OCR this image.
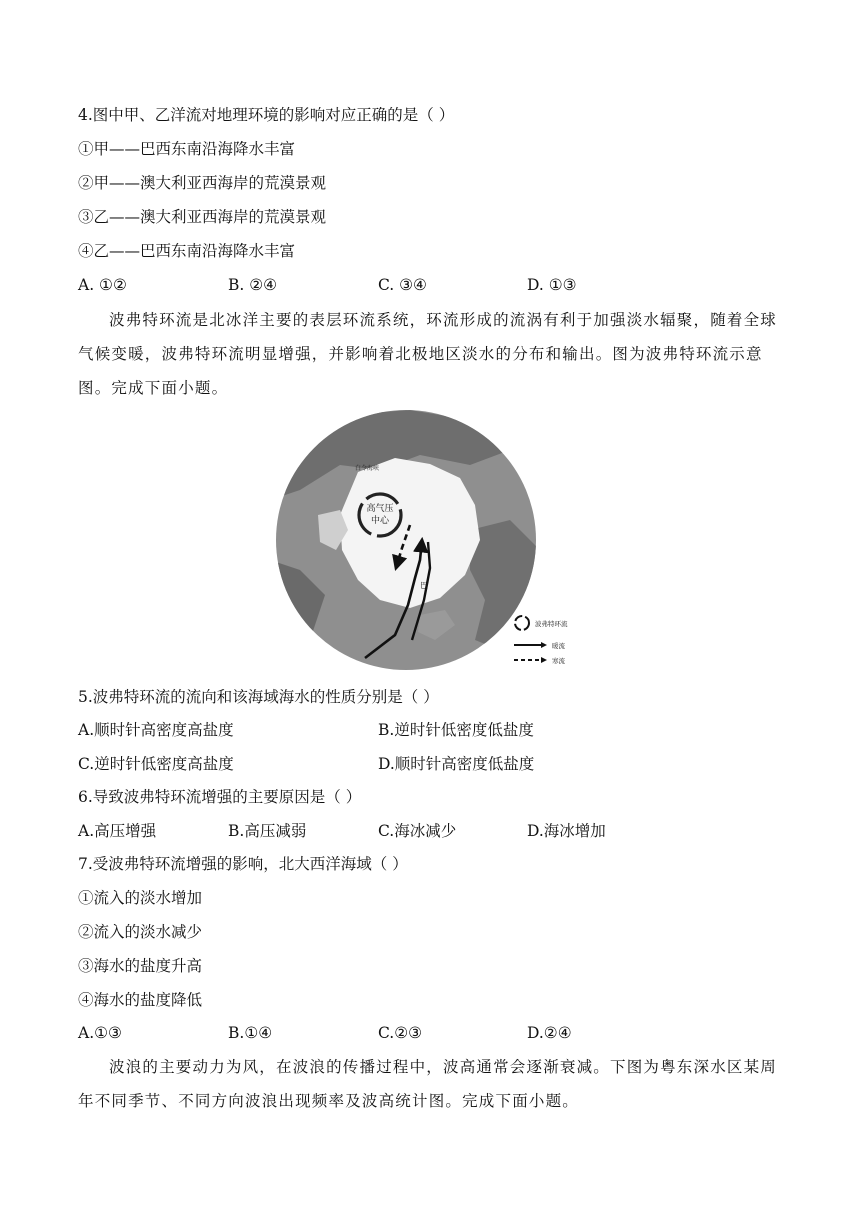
4.图中甲、乙洋流对地理环境的影响对应正确的是（ ）
①甲——巴西东南沿海降水丰富
②甲——澳大利亚西海岸的荒漠景观
③乙——澳大利亚西海岸的荒漠景观
④乙——巴西东南沿海降水丰富
A. ①②	B. ②④	C. ③④	D. ①③
波弗特环流是北冰洋主要的表层环流系统，环流形成的流涡有利于加强淡水辐聚，随着全球气候变暖，波弗特环流明显增强，并影响着北极地区淡水的分布和输出。图为波弗特环流示意图。完成下面小题。
高气压
中心
白令海峡
巴
波弗特环流
暖流
寒流
5.波弗特环流的流向和该海域海水的性质分别是（ ）
A.顺时针高密度高盐度	B.逆时针低密度低盐度
C.逆时针低密度高盐度	D.顺时针高密度低盐度
6.导致波弗特环流增强的主要原因是（ ）
A.高压增强	B.高压减弱	C.海冰减少	D.海冰增加
7.受波弗特环流增强的影响，北大西洋海域（ ）
①流入的淡水增加
②流入的淡水减少
③海水的盐度升高
④海水的盐度降低
A.①③	B.①④	C.②③	D.②④
波浪的主要动力为风，在波浪的传播过程中，波高通常会逐渐衰减。下图为粤东深水区某周年不同季节、不同方向波浪出现频率及波高统计图。完成下面小题。
